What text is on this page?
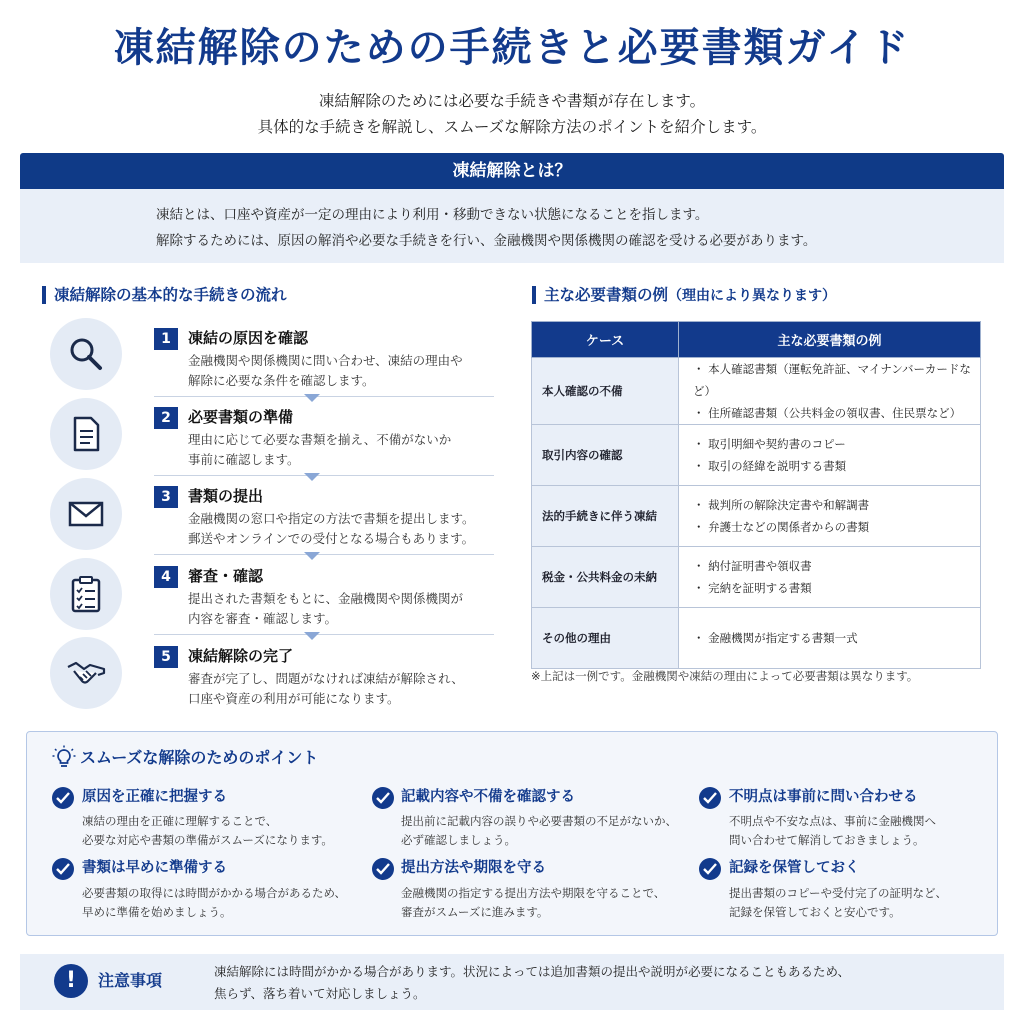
凍結解除のための手続きと必要書類ガイド

凍結解除のためには必要な手続きや書類が存在します。

具体的な手続きを解説し、スムーズな解除方法のポイントを紹介します。

凍結解除とは？

凍結とは、口座や資産が一定の理由により利用・移動できない状態になることを指します。

解除するためには、原因の解消や必要な手続きを行い、金融機関や関係機関の確認を受ける必要があります。

凍結解除の基本的な手続きの流れ
1	凍結の原因を確認
金融機関や関係機関に問い合わせ、凍結の理由や
解除に必要な条件を確認します。
2	必要書類の準備
理由に応じて必要な書類を揃え、不備がないか
事前に確認します。
3	書類の提出
金融機関の窓口や指定の方法で書類を提出します。
郵送やオンラインでの受付となる場合もあります。
4	審査・確認
提出された書類をもとに、金融機関や関係機関が
内容を審査・確認します。
5	凍結解除の完了
審査が完了し、問題がなければ凍結が解除され、
口座や資産の利用が可能になります。
主な必要書類の例（理由により異なります）
ケース	主な必要書類の例
本人確認の不備	・ 本人確認書類（運転免許証、マイナンバーカードなど）
・ 住所確認書類（公共料金の領収書、住民票など）

取引内容の確認	・ 取引明細や契約書のコピー
・ 取引の経緯を説明する書類

法的手続きに伴う凍結	・ 裁判所の解除決定書や和解調書
・ 弁護士などの関係者からの書類

税金・公共料金の未納	・ 納付証明書や領収書
・ 完納を証明する書類

その他の理由	・ 金融機関が指定する書類一式
※上記は一例です。金融機関や凍結の理由によって必要書類は異なります。
スムーズな解除のためのポイント
原因を正確に把握する
凍結の理由を正確に理解することで、
必要な対応や書類の準備がスムーズになります。
記載内容や不備を確認する
提出前に記載内容の誤りや必要書類の不足がないか、
必ず確認しましょう。
不明点は事前に問い合わせる
不明点や不安な点は、事前に金融機関へ
問い合わせて解消しておきましょう。
書類は早めに準備する
必要書類の取得には時間がかかる場合があるため、
早めに準備を始めましょう。
提出方法や期限を守る
金融機関の指定する提出方法や期限を守ることで、
審査がスムーズに進みます。
記録を保管しておく
提出書類のコピーや受付完了の証明など、
記録を保管しておくと安心です。
!	注意事項	凍結解除には時間がかかる場合があります。状況によっては追加書類の提出や説明が必要になることもあるため、
焦らず、落ち着いて対応しましょう。
